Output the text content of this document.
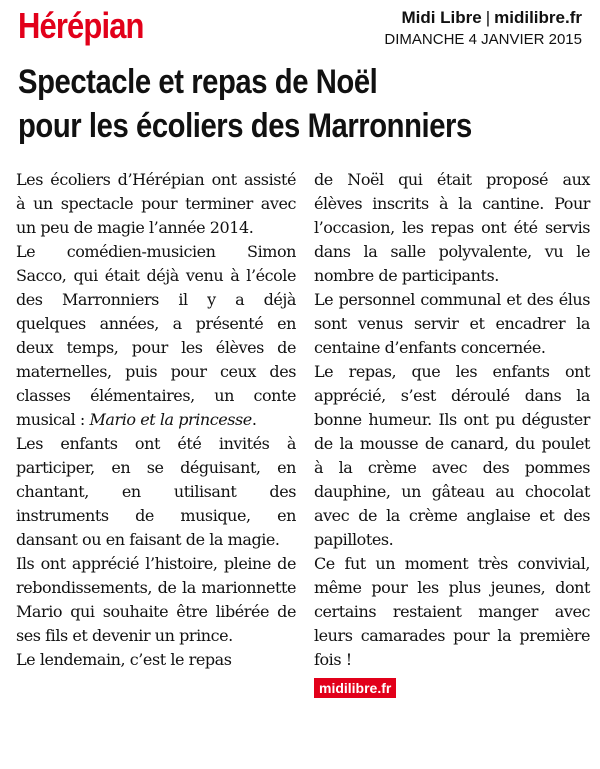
Hérépian	Midi Libre | midilibre.fr
DIMANCHE 4 JANVIER 2015
Spectacle et repas de Noël
pour les écoliers des Marronniers

Les écoliers d’Hérépian ont assisté à un spectacle pour terminer avec un peu de magie l’année 2014.

Le comédien-musicien Simon Sacco, qui était déjà venu à l’école des Marronniers il y a déjà quelques années, a présenté en deux temps, pour les élèves de maternelles, puis pour ceux des classes élémentaires, un conte musical : Mario et la princesse.

Les enfants ont été invités à participer, en se déguisant, en chantant, en utilisant des instruments de musique, en dansant ou en faisant de la magie.

Ils ont apprécié l’histoire, pleine de rebondissements, de la marionnette Mario qui souhaite être libérée de ses fils et devenir un prince.

Le lendemain, c’est le repas

de Noël qui était proposé aux élèves inscrits à la cantine. Pour l’occasion, les repas ont été servis dans la salle polyvalente, vu le nombre de participants.

Le personnel communal et des élus sont venus servir et encadrer la centaine d’enfants concernée.

Le repas, que les enfants ont apprécié, s’est déroulé dans la bonne humeur. Ils ont pu déguster de la mousse de canard, du poulet à la crème avec des pommes dauphine, un gâteau au chocolat avec de la crème anglaise et des papillotes.

Ce fut un moment très convivial, même pour les plus jeunes, dont certains restaient manger avec leurs camarades pour la première fois !

midilibre.fr
